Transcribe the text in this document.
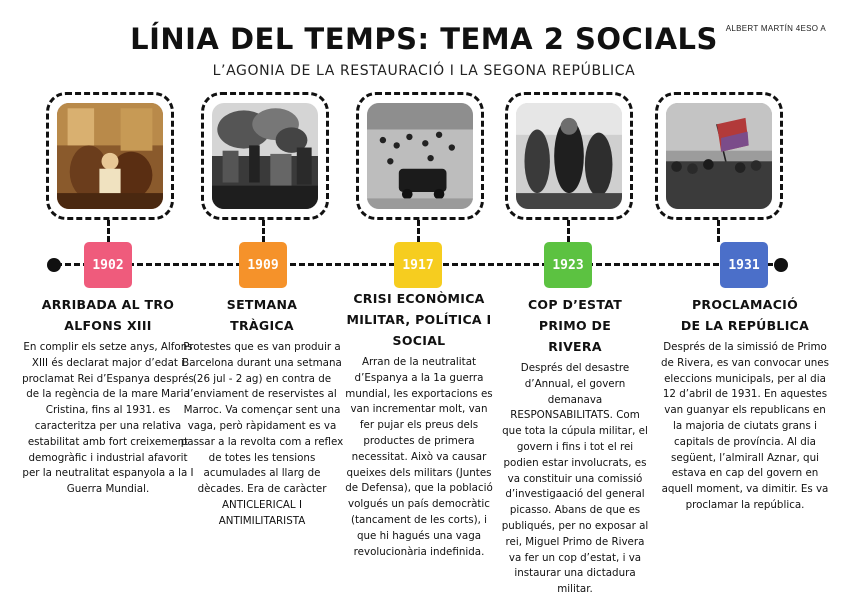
ALBERT MARTÍN 4ESO A
LÍNIA DEL TEMPS: TEMA 2 SOCIALS
L’AGONIA DE LA RESTAURACIÓ I LA SEGONA REPÚBLICA
1902	1909	1917	1923	1931
ARRIBADA AL TRO ALFONS XIII

En complir els setze anys, Alfons XIII és declarat major d’edat i proclamat Rei d’Espanya després de la regència de la mare Maria Cristina, fins al 1931. es caracteritza per una relativa estabilitat amb fort creixement demogràfic i industrial afavorit per la neutralitat espanyola a la I Guerra Mundial.

SETMANA TRÀGICA

Protestes que es van produir a Barcelona durant una setmana (26 jul - 2 ag) en contra de l’enviament de reservistes al Marroc. Va començar sent una vaga, però ràpidament es va passar a la revolta com a reflex de totes les tensions acumulades al llarg de dècades. Era de caràcter ANTICLERICAL I ANTIMILITARISTA

CRISI ECONÒMICA MILITAR, POLÍTICA I SOCIAL

Arran de la neutralitat d’Espanya a la 1a guerra mundial, les exportacions es van incrementar molt, van fer pujar els preus dels productes de primera necessitat. Això va causar queixes dels militars (Juntes de Defensa), que la població volgués un país democràtic (tancament de les corts), i que hi hagués una vaga revolucionària indefinida.

COP D’ESTAT PRIMO DE RIVERA

Després del desastre d’Annual, el govern demanava RESPONSABILITATS. Com que tota la cúpula militar, el govern i fins i tot el rei podien estar involucrats, es va constituir una comissió d’investigaació del general picasso. Abans de que es publiqués, per no exposar al rei, Miguel Primo de Rivera va fer un cop d’estat, i va instaurar una dictadura militar.

PROCLAMACIÓ DE LA REPÚBLICA

Després de la simissió de Primo de Rivera, es van convocar unes eleccions municipals, per al dia 12 d’abril de 1931. En aquestes van guanyar els republicans en la majoria de ciutats grans i capitals de província. Al dia següent, l’almirall Aznar, qui estava en cap del govern en aquell moment, va dimitir. Es va proclamar la república.
